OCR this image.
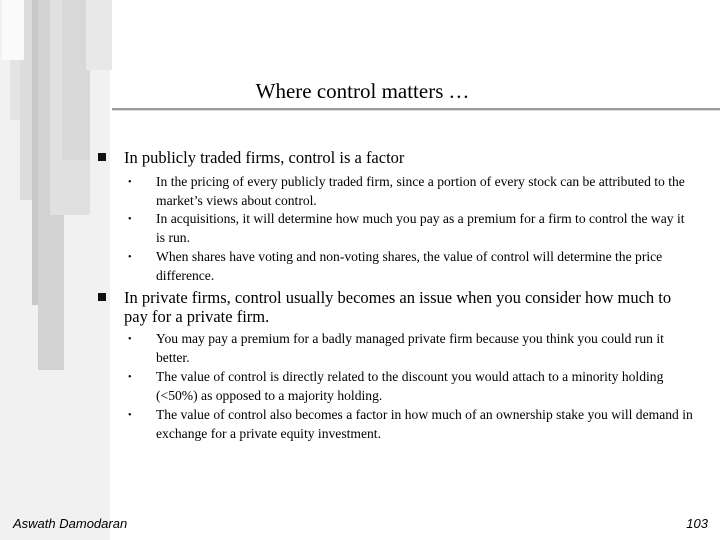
Where control matters …
In publicly traded firms, control is a factor
• In the pricing of every publicly traded firm, since a portion of every stock can be attributed to the market’s views about control.
• In acquisitions, it will determine how much you pay as a premium for a firm to control the way it is run.
• When shares have voting and non-voting shares, the value of control will determine the price difference.
In private firms, control usually becomes an issue when you consider how much to pay for a private firm.
• You may pay a premium for a badly managed private firm because you think you could run it better.
• The value of control is directly related to the discount you would attach to a minority holding (<50%) as opposed to a majority holding.
• The value of control also becomes a factor in how much of an ownership stake you will demand in exchange for a private equity investment.
Aswath Damodaran	103
